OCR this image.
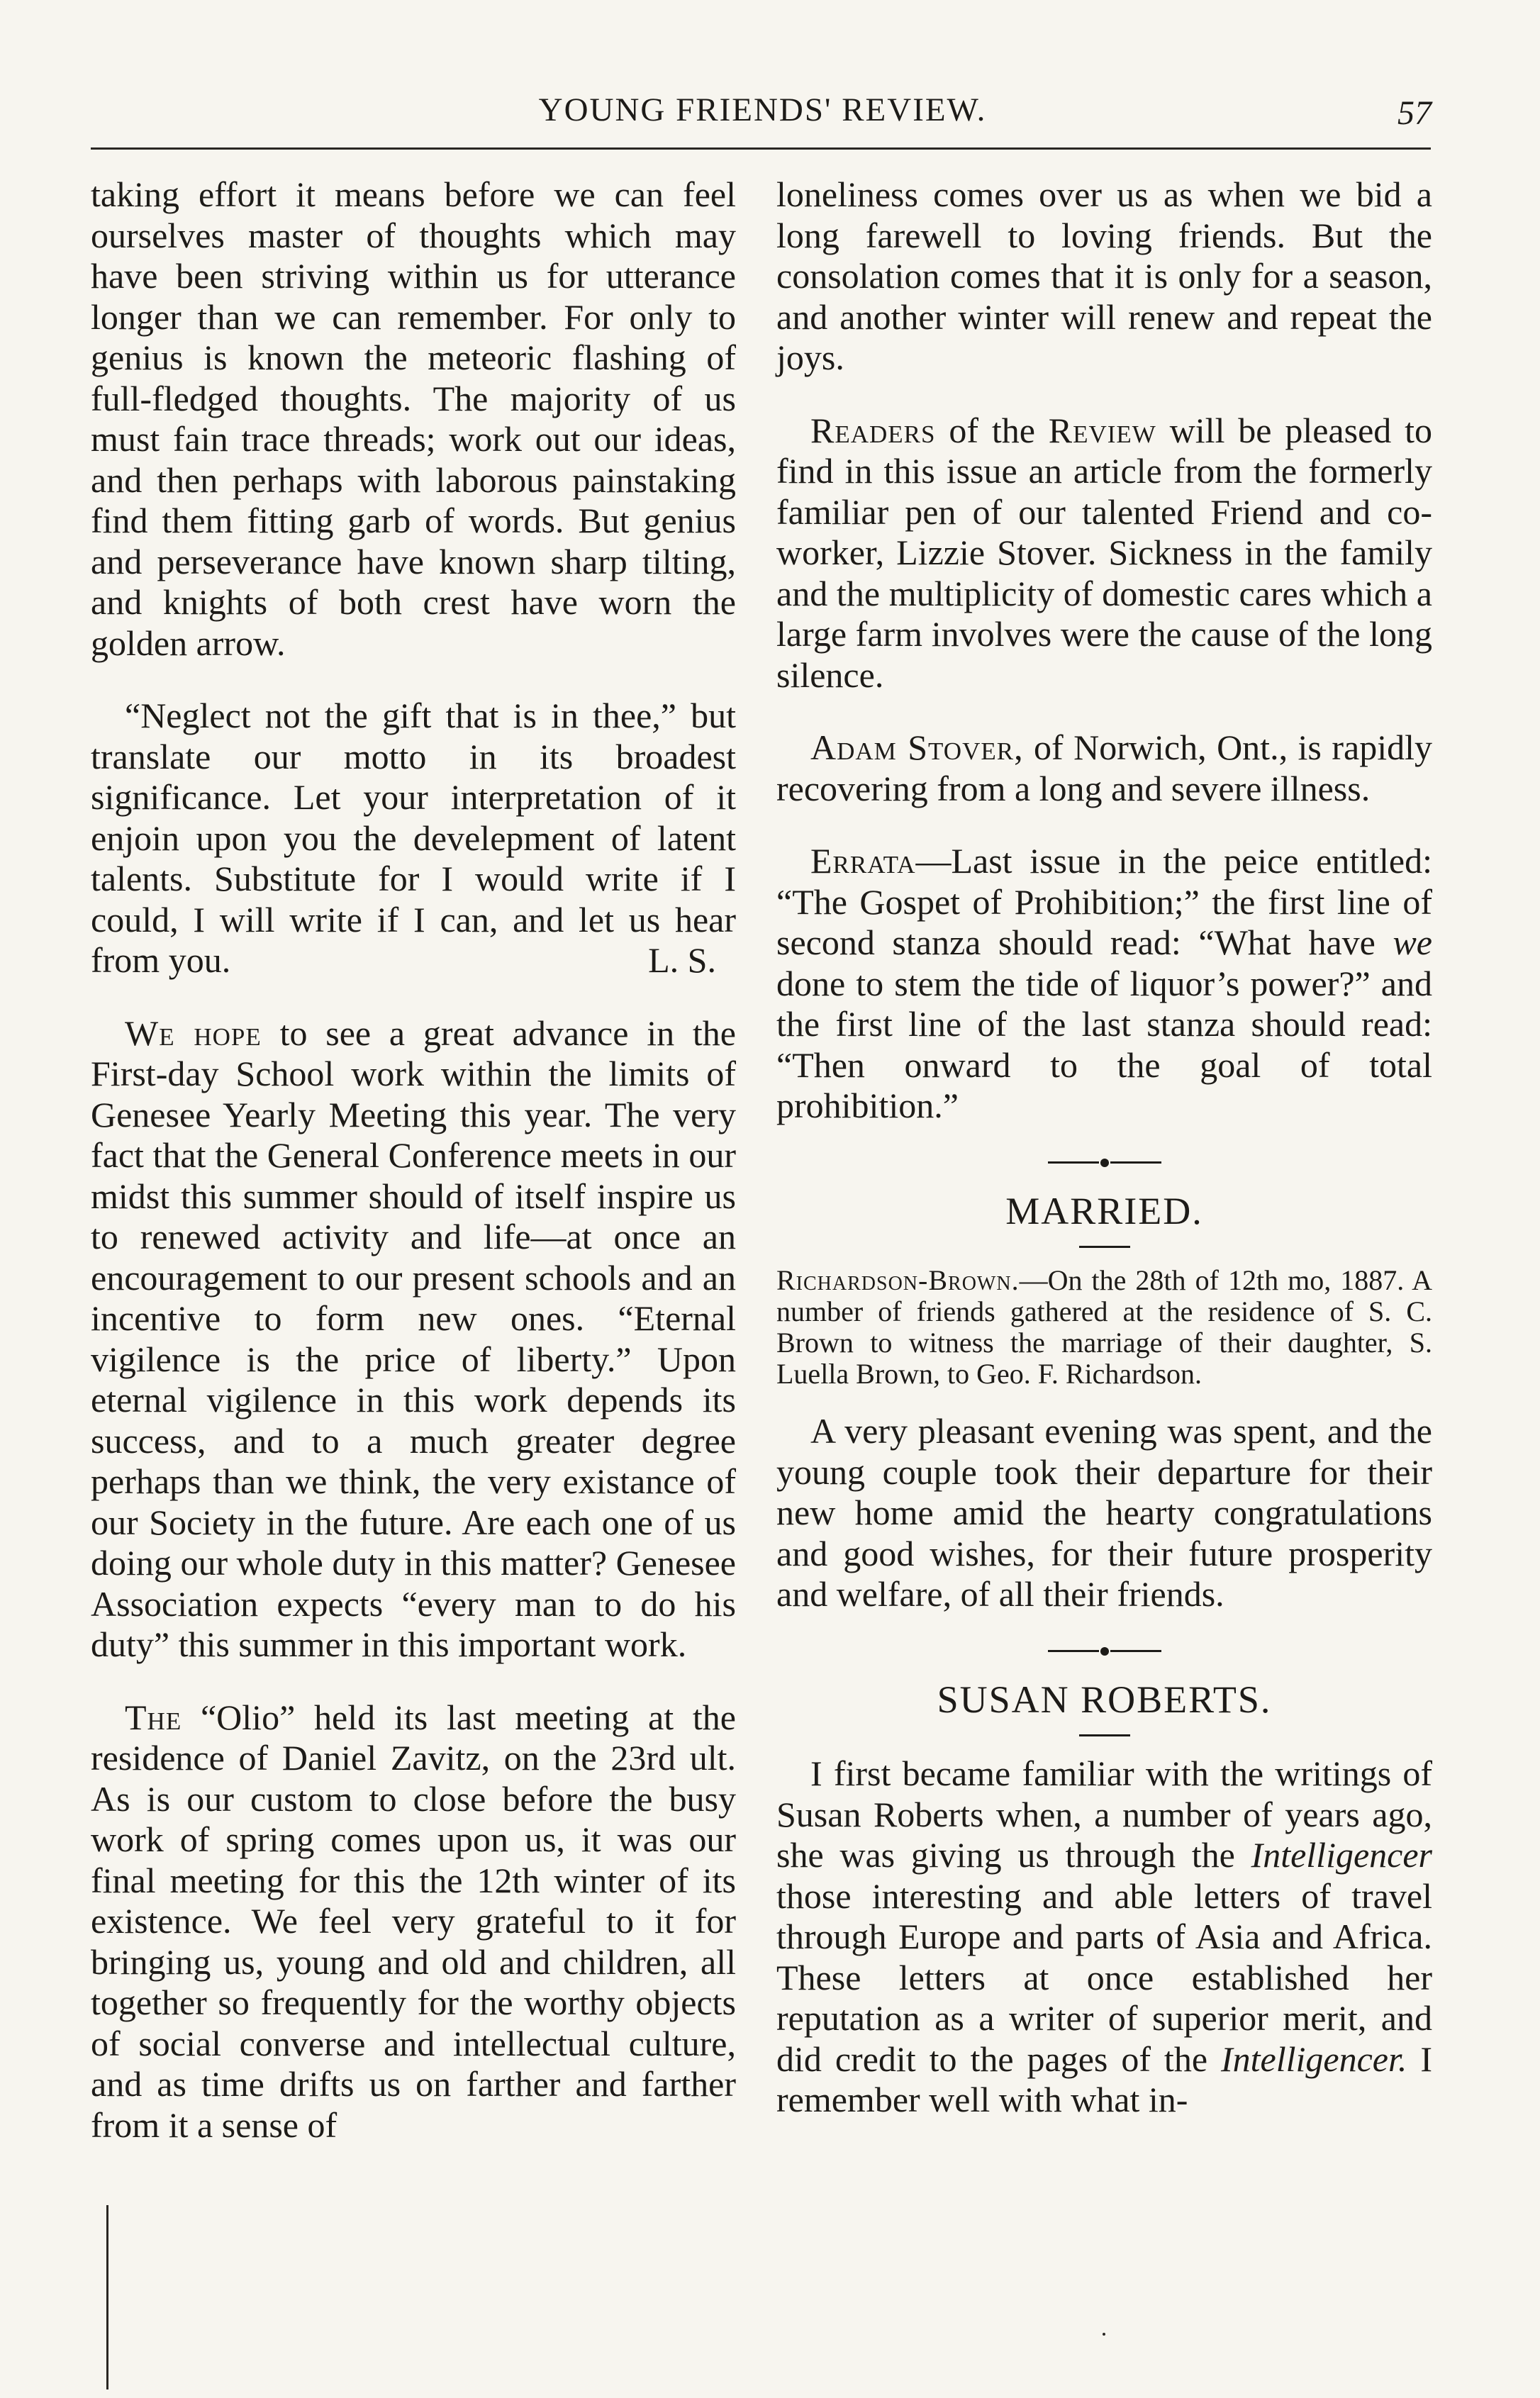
YOUNG FRIENDS' REVIEW.	57

taking effort it means before we can feel ourselves master of thoughts which may have been striving within us for utterance longer than we can remember. For only to genius is known the meteoric flashing of full-fledged thoughts. The majority of us must fain trace threads; work out our ideas, and then perhaps with laborous painstaking find them fitting garb of words. But genius and perseverance have known sharp tilting, and knights of both crest have worn the golden arrow.

“Neglect not the gift that is in thee,” but translate our motto in its broadest significance. Let your interpretation of it enjoin upon you the develepment of latent talents. Substitute for I would write if I could, I will write if I can, and let us hear from you.	L. S.

We hope to see a great advance in the First-day School work within the limits of Genesee Yearly Meeting this year. The very fact that the General Conference meets in our midst this summer should of itself inspire us to renewed activity and life—at once an encouragement to our present schools and an incentive to form new ones. “Eternal vigilence is the price of liberty.” Upon eternal vigilence in this work depends its success, and to a much greater degree perhaps than we think, the very existance of our Society in the future. Are each one of us doing our whole duty in this matter? Genesee Association expects “every man to do his duty” this summer in this important work.

The “Olio” held its last meeting at the residence of Daniel Zavitz, on the 23rd ult. As is our custom to close before the busy work of spring comes upon us, it was our final meeting for this the 12th winter of its existence. We feel very grateful to it for bringing us, young and old and children, all together so frequently for the worthy objects of social converse and intellectual culture, and as time drifts us on farther and farther from it a sense of

loneliness comes over us as when we bid a long farewell to loving friends. But the consolation comes that it is only for a season, and another winter will renew and repeat the joys.

Readers of the Review will be pleased to find in this issue an article from the formerly familiar pen of our talented Friend and co-worker, Lizzie Stover. Sickness in the family and the multiplicity of domestic cares which a large farm involves were the cause of the long silence.

Adam Stover, of Norwich, Ont., is rapidly recovering from a long and severe illness.

Errata—Last issue in the peice entitled: “The Gospet of Prohibition;” the first line of second stanza should read: “What have we done to stem the tide of liquor’s power?” and the first line of the last stanza should read: “Then onward to the goal of total prohibition.”

MARRIED.

Richardson-Brown.—On the 28th of 12th mo, 1887. A number of friends gathered at the residence of S. C. Brown to witness the marriage of their daughter, S. Luella Brown, to Geo. F. Richardson.

A very pleasant evening was spent, and the young couple took their departure for their new home amid the hearty congratulations and good wishes, for their future prosperity and welfare, of all their friends.

SUSAN ROBERTS.

I first became familiar with the writings of Susan Roberts when, a number of years ago, she was giving us through the Intelligencer those interesting and able letters of travel through Europe and parts of Asia and Africa. These letters at once established her reputation as a writer of superior merit, and did credit to the pages of the Intelligencer. I remember well with what in-
